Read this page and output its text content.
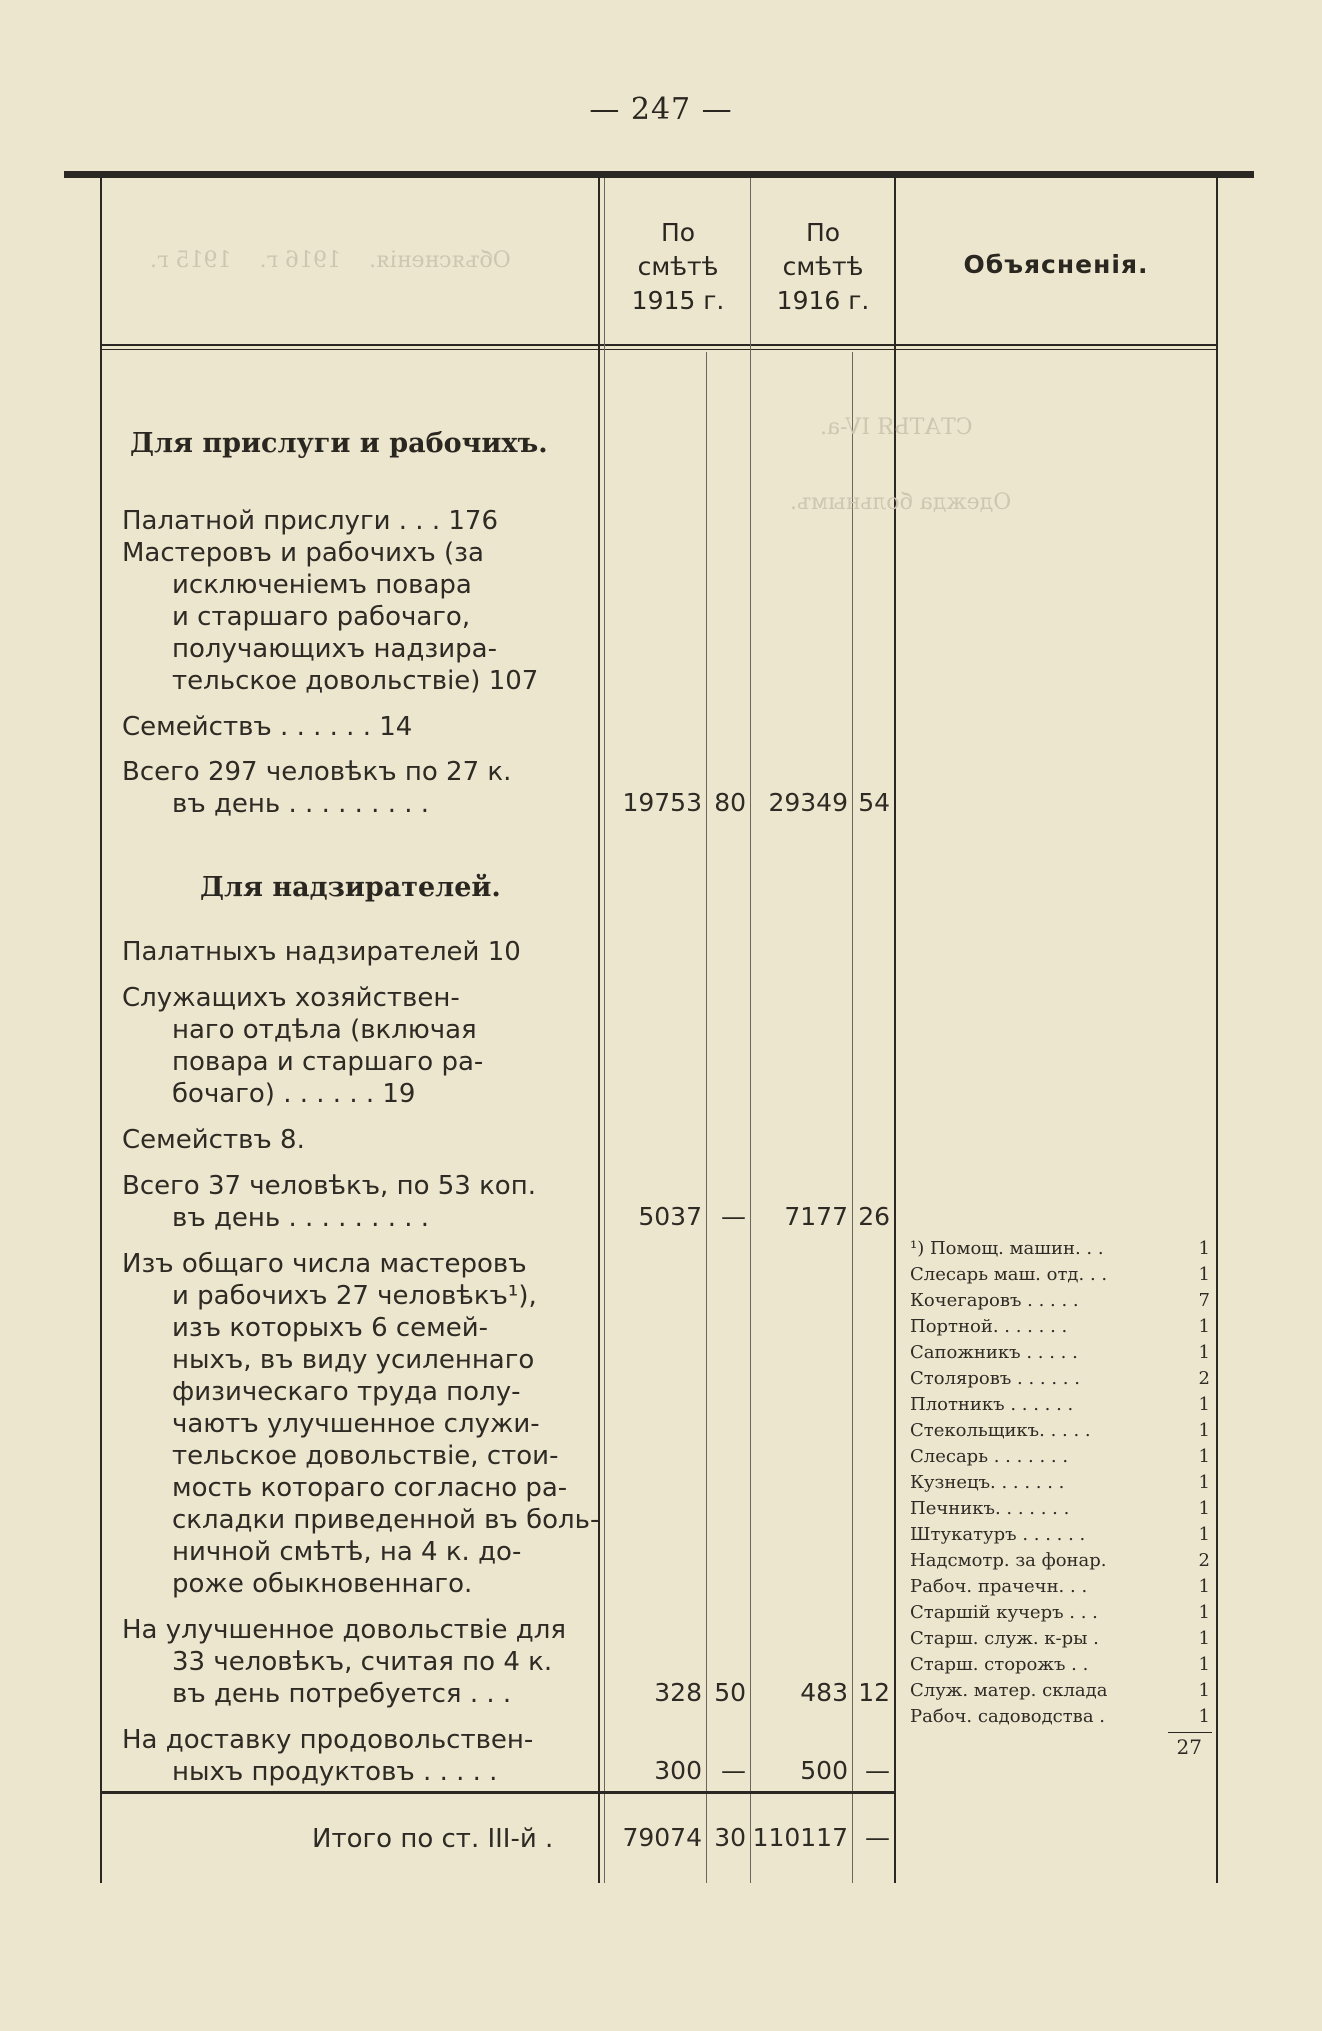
— 247 —
Объясненія.    1916 г.    1915 г.
СТАТЬЯ IV-а.
Одежда больнымъ.
По
смѣтѣ
1915 г.
По
смѣтѣ
1916 г.
Объясненія.
Для прислуги и рабочихъ.
Палатной прислуги . . . 176
Мастеровъ и рабочихъ (за
исключеніемъ повара
и старшаго рабочаго,
получающихъ надзира-
тельское довольствіе) 107
Семействъ . . . . . . 14
Всего 297 человѣкъ по 27 к.
въ день . . . . . . . . .	19753 80 29349 54
Для надзирателей.
Палатныхъ надзирателей 10
Служащихъ хозяйствен-
наго отдѣла (включая
повара и старшаго ра-
бочаго) . . . . . . 19
Семействъ 8.
Всего 37 человѣкъ, по 53 коп.
въ день . . . . . . . . .	5037 —	7177 26
Изъ общаго числа мастеровъ
и рабочихъ 27 человѣкъ¹),
изъ которыхъ 6 семей-
ныхъ, въ виду усиленнаго
физическаго труда полу-
чаютъ улучшенное служи-
тельское довольствіе, стои-
мость котораго согласно ра-
складки приведенной въ боль-
ничной смѣтѣ, на 4 к. до-
роже обыкновеннаго.
На улучшенное довольствіе для
33 человѣкъ, считая по 4 к.
въ день потребуется . . .	328 50	483 12
На доставку продовольствен-
ныхъ продуктовъ . . . . .	300 —	500 —
Итого по ст. III-й .	79074 30 110117 —
¹) Помощ. машин. . .	1
Слесарь маш. отд. . .	1
Кочегаровъ . . . . .	7
Портной. . . . . . .	1
Сапожникъ . . . . .	1
Столяровъ . . . . . .	2
Плотникъ . . . . . .	1
Стекольщикъ. . . . .	1
Слесарь . . . . . . .	1
Кузнецъ. . . . . . .	1
Печникъ. . . . . . .	1
Штукатуръ . . . . . .	1
Надсмотр. за фонар.	2
Рабоч. прачечн. . .	1
Старшій кучеръ . . .	1
Старш. служ. к-ры .	1
Старш. сторожъ . .	1
Служ. матер. склада	1
Рабоч. садоводства .	1
27
